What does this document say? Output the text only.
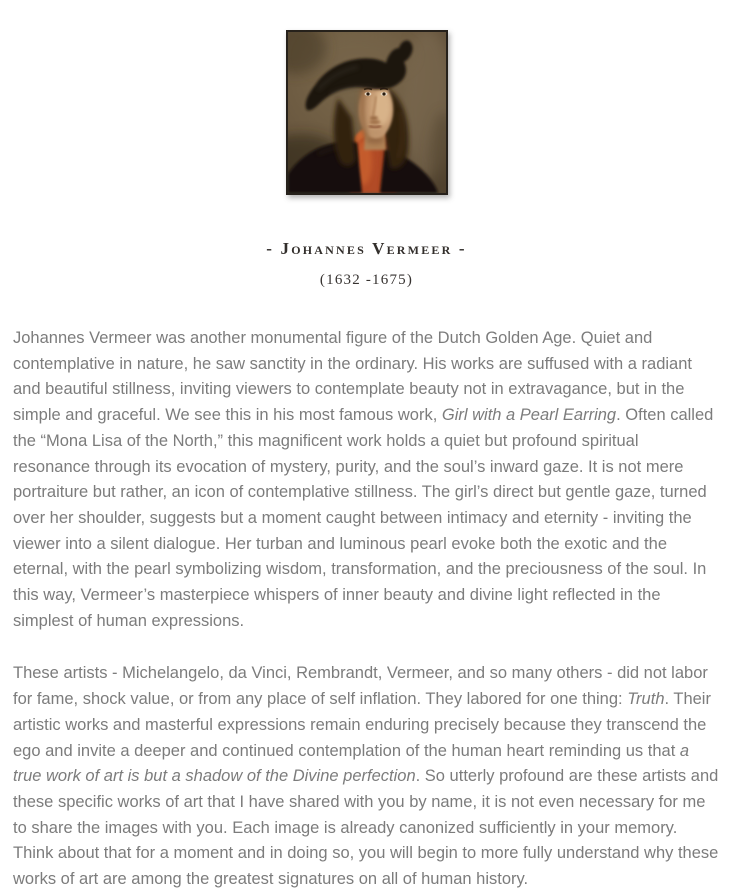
- Johannes Vermeer -
(1632 -1675)

Johannes Vermeer was another monumental figure of the Dutch Golden Age. Quiet and contemplative in nature, he saw sanctity in the ordinary. His works are suffused with a radiant and beautiful stillness, inviting viewers to contemplate beauty not in extravagance, but in the simple and graceful. We see this in his most famous work, Girl with a Pearl Earring. Often called the “Mona Lisa of the North,” this magnificent work holds a quiet but profound spiritual resonance through its evocation of mystery, purity, and the soul’s inward gaze. It is not mere portraiture but rather, an icon of contemplative stillness. The girl’s direct but gentle gaze, turned over her shoulder, suggests but a moment caught between intimacy and eternity - inviting the viewer into a silent dialogue. Her turban and luminous pearl evoke both the exotic and the eternal, with the pearl symbolizing wisdom, transformation, and the preciousness of the soul. In this way, Vermeer’s masterpiece whispers of inner beauty and divine light reflected in the simplest of human expressions.

These artists - Michelangelo, da Vinci, Rembrandt, Vermeer, and so many others - did not labor for fame, shock value, or from any place of self inflation. They labored for one thing: Truth. Their artistic works and masterful expressions remain enduring precisely because they transcend the ego and invite a deeper and continued contemplation of the human heart reminding us that a true work of art is but a shadow of the Divine perfection. So utterly profound are these artists and these specific works of art that I have shared with you by name, it is not even necessary for me to share the images with you. Each image is already canonized sufficiently in your memory. Think about that for a moment and in doing so, you will begin to more fully understand why these works of art are among the greatest signatures on all of human history.
